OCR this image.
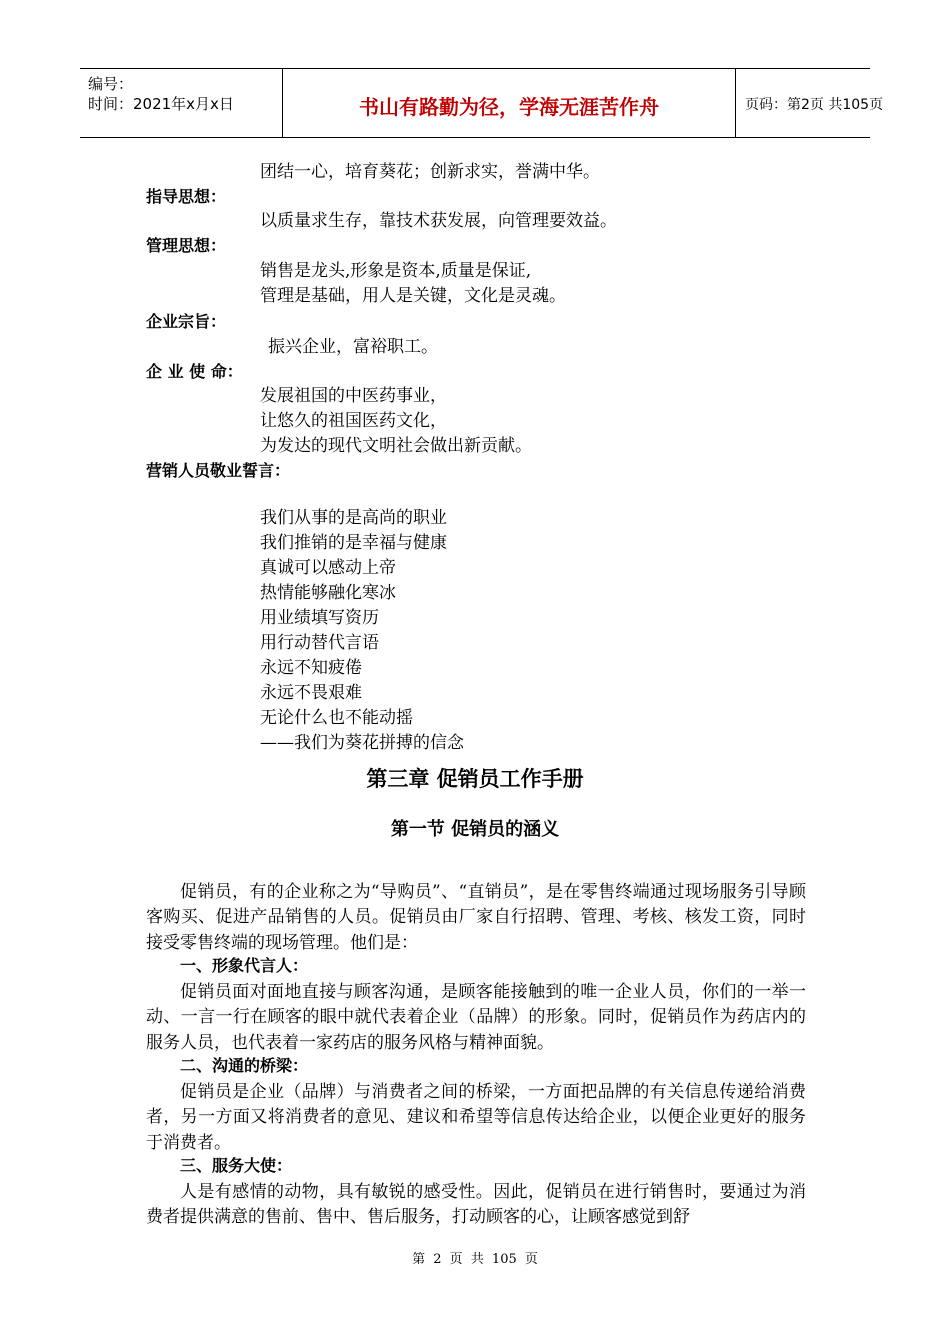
编号：
时间：2021年x月x日	书山有路勤为径，学海无涯苦作舟	页码：第2页 共105页
团结一心，培育葵花；创新求实，誉满中华。
指导思想：
以质量求生存，靠技术获发展，向管理要效益。
管理思想：
销售是龙头,形象是资本,质量是保证,
管理是基础，用人是关键，文化是灵魂。
企业宗旨：
振兴企业，富裕职工。
企 业 使 命：
发展祖国的中医药事业，
让悠久的祖国医药文化，
为发达的现代文明社会做出新贡献。
营销人员敬业誓言：
我们从事的是高尚的职业
我们推销的是幸福与健康
真诚可以感动上帝
热情能够融化寒冰
用业绩填写资历
用行动替代言语
永远不知疲倦
永远不畏艰难
无论什么也不能动摇
——我们为葵花拼搏的信念
第三章 促销员工作手册
第一节 促销员的涵义

促销员，有的企业称之为“导购员”、“直销员”，是在零售终端通过现场服务引导顾客购买、促进产品销售的人员。促销员由厂家自行招聘、管理、考核、核发工资，同时接受零售终端的现场管理。他们是：

一、形象代言人：

促销员面对面地直接与顾客沟通，是顾客能接触到的唯一企业人员，你们的一举一动、一言一行在顾客的眼中就代表着企业（品牌）的形象。同时，促销员作为药店内的服务人员，也代表着一家药店的服务风格与精神面貌。

二、沟通的桥梁：

促销员是企业（品牌）与消费者之间的桥梁，一方面把品牌的有关信息传递给消费者，另一方面又将消费者的意见、建议和希望等信息传达给企业，以便企业更好的服务于消费者。

三、服务大使：

人是有感情的动物，具有敏锐的感受性。因此，促销员在进行销售时，要通过为消费者提供满意的售前、售中、售后服务，打动顾客的心，让顾客感觉到舒

第 2 页 共 105 页
